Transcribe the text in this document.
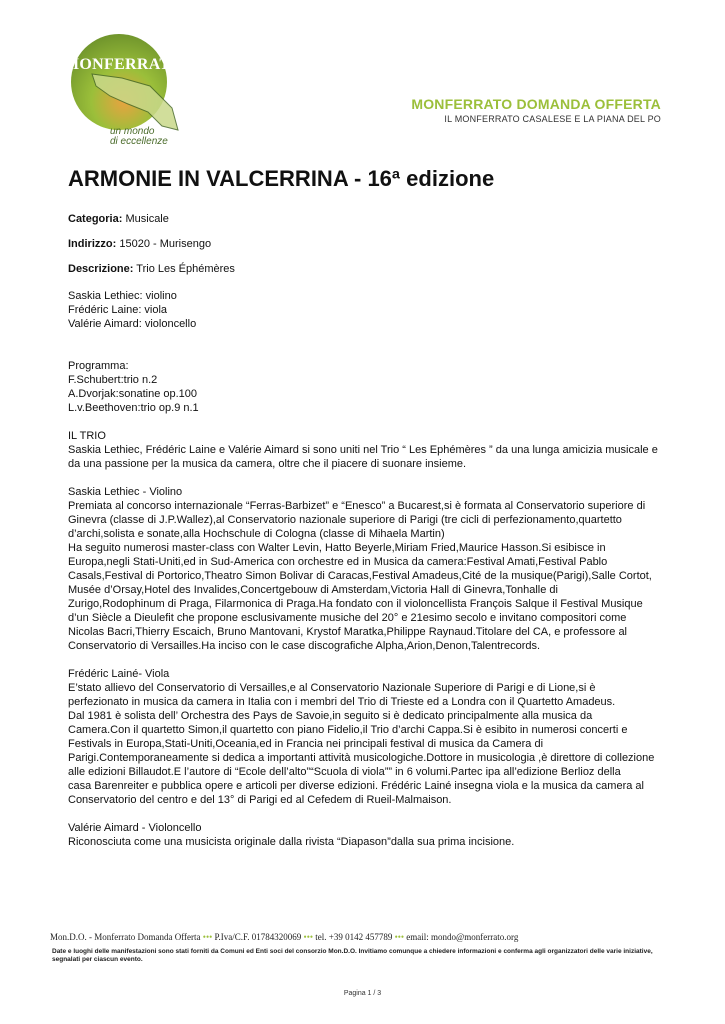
MONFERRATO
un mondo
di eccellenze
MONFERRATO DOMANDA OFFERTA
IL MONFERRATO CASALESE E LA PIANA DEL PO
ARMONIE IN VALCERRINA - 16ª edizione
Categoria: Musicale
Indirizzo: 15020 - Murisengo
Descrizione: Trio Les Éphémères
Saskia Lethiec: violino
Frédéric Laine: viola
Valérie Aimard: violoncello
Programma:
F.Schubert:trio n.2
A.Dvorjak:sonatine op.100
L.v.Beethoven:trio op.9 n.1
IL TRIO
Saskia Lethiec, Frédéric Laine e Valérie Aimard si sono uniti nel Trio “ Les Ephémères ” da una lunga amicizia musicale e da una passione per la musica da camera, oltre che il piacere di suonare insieme.
Saskia Lethiec - Violino
Premiata al concorso internazionale “Ferras-Barbizet” e “Enesco” a Bucarest,si è formata al Conservatorio superiore di
Ginevra (classe di J.P.Wallez),al Conservatorio nazionale superiore di Parigi (tre cicli di perfezionamento,quartetto
d’archi,solista e sonate,alla Hochschule di Cologna (classe di Mihaela Martin)
Ha seguito numerosi master-class con Walter Levin, Hatto Beyerle,Miriam Fried,Maurice Hasson.Si esibisce in
Europa,negli Stati-Uniti,ed in Sud-America con orchestre ed in Musica da camera:Festival Amati,Festival Pablo
Casals,Festival di Portorico,Theatro Simon Bolivar di Caracas,Festival Amadeus,Cité de la musique(Parigi),Salle Cortot,
Musée d’Orsay,Hotel des Invalides,Concertgebouw di Amsterdam,Victoria Hall di Ginevra,Tonhalle di
Zurigo,Rodophinum di Praga, Filarmonica di Praga.Ha fondato con il violoncellista François Salque il Festival Musique
d’un Siècle a Dieulefit che propone esclusivamente musiche del 20° e 21esimo secolo e invitano compositori come
Nicolas Bacri,Thierry Escaich, Bruno Mantovani, Krystof Maratka,Philippe Raynaud.Titolare del CA, e professore al
Conservatorio di Versailles.Ha inciso con le case discografiche Alpha,Arion,Denon,Talentrecords.
Frédéric Lainé- Viola
E’stato allievo del Conservatorio di Versailles,e al Conservatorio Nazionale Superiore di Parigi e di Lione,si è
perfezionato in musica da camera in Italia con i membri del Trio di Trieste ed a Londra con il Quartetto Amadeus.
Dal 1981 è solista dell’ Orchestra des Pays de Savoie,in seguito si è dedicato principalmente alla musica da
Camera.Con il quartetto Simon,il quartetto con piano Fidelio,il Trio d’archi Cappa.Si è esibito in numerosi concerti e
Festivals in Europa,Stati-Uniti,Oceania,ed in Francia nei principali festival di musica da Camera di
Parigi.Contemporaneamente si dedica a importanti attività musicologiche.Dottore in musicologia ,è direttore di collezione
alle edizioni Billaudot.E l’autore di “Ecole dell’alto”“Scuola di viola”” in 6 volumi.Partec ipa all’edizione Berlioz della
casa Barenreiter e pubblica opere e articoli per diverse edizioni. Frédéric Lainé insegna viola e la musica da camera al
Conservatorio del centro e del 13° di Parigi ed al Cefedem di Rueil-Malmaison.
Valérie Aimard - Violoncello
Riconosciuta come una musicista originale dalla rivista “Diapason”dalla sua prima incisione.
Mon.D.O. - Monferrato Domanda Offerta ••• P.Iva/C.F. 01784320069 ••• tel. +39 0142 457789 ••• email: mondo@monferrato.org
Date e luoghi delle manifestazioni sono stati forniti da Comuni ed Enti soci del consorzio Mon.D.O. Invitiamo comunque a chiedere informazioni e conferma agli organizzatori delle varie iniziative, segnalati per ciascun evento.
Pagina 1 / 3
